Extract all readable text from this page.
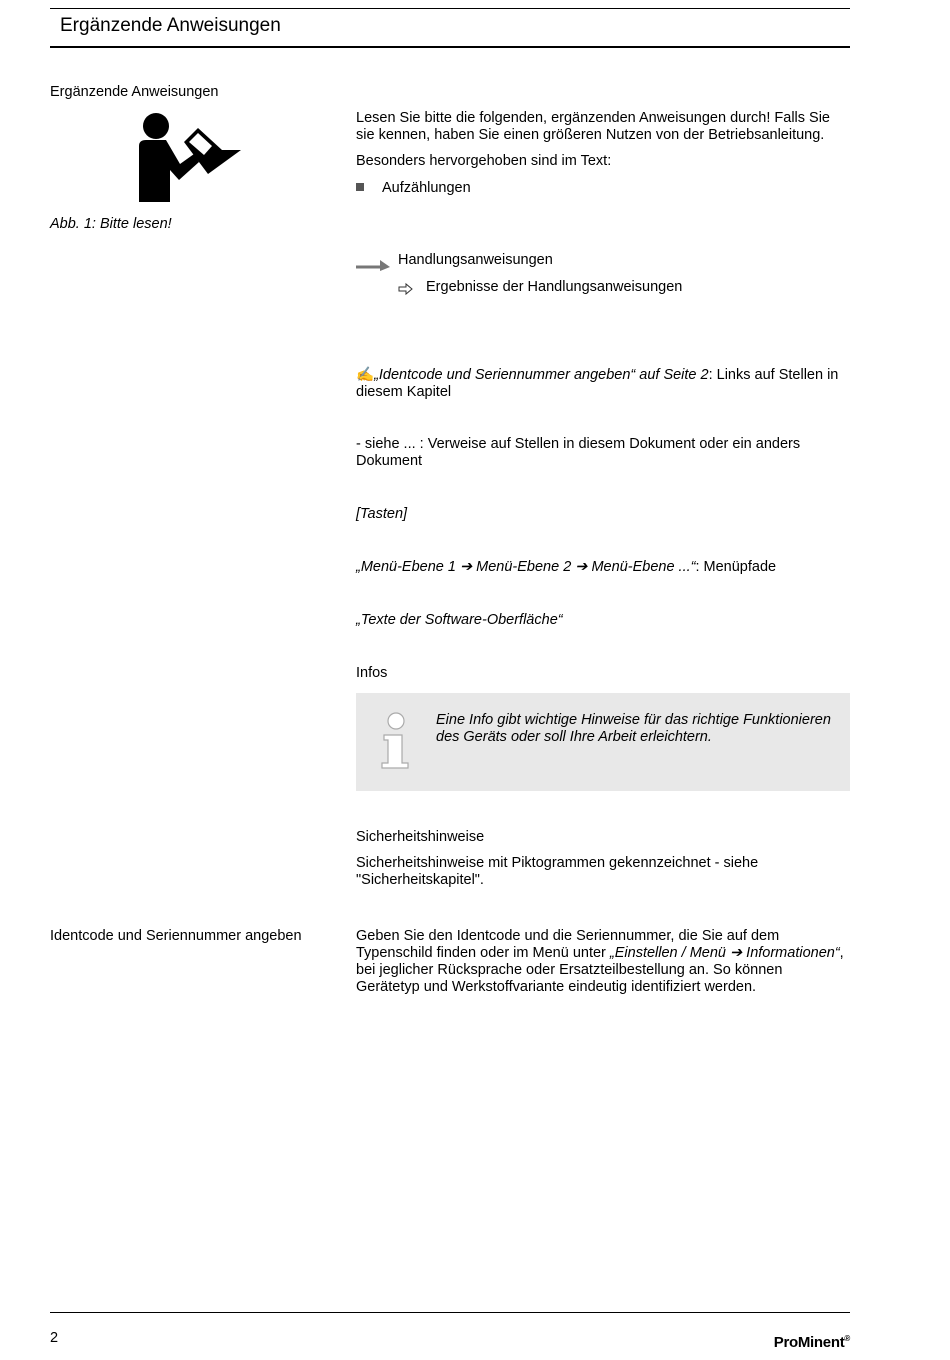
Ergänzende Anweisungen
Ergänzende Anweisungen
Abb. 1: Bitte lesen!
Lesen Sie bitte die folgenden, ergänzenden Anweisungen durch! Falls Sie sie kennen, haben Sie einen größeren Nutzen von der Betriebsanleitung.
Besonders hervorgehoben sind im Text:
Aufzählungen
Handlungsanweisungen
Ergebnisse der Handlungsanweisungen
✍„Identcode und Seriennummer angeben“ auf Seite 2: Links auf Stellen in diesem Kapitel
- siehe ... : Verweise auf Stellen in diesem Dokument oder ein anders Dokument
[Tasten]
„Menü-Ebene 1 ➔ Menü-Ebene 2 ➔ Menü-Ebene ...“: Menüpfade
„Texte der Software-Oberfläche“
Infos
Eine Info gibt wichtige Hinweise für das richtige Funktionieren des Geräts oder soll Ihre Arbeit erleichtern.
Sicherheitshinweise
Sicherheitshinweise mit Piktogrammen gekennzeichnet - siehe "Sicherheitskapitel".
Identcode und Seriennummer angeben	Geben Sie den Identcode und die Seriennummer, die Sie auf dem Typenschild finden oder im Menü unter „Einstellen / Menü ➔ Informationen“, bei jeglicher Rücksprache oder Ersatzteilbestellung an. So können Gerätetyp und Werkstoffvariante eindeutig identifiziert werden.
2	ProMinent®
